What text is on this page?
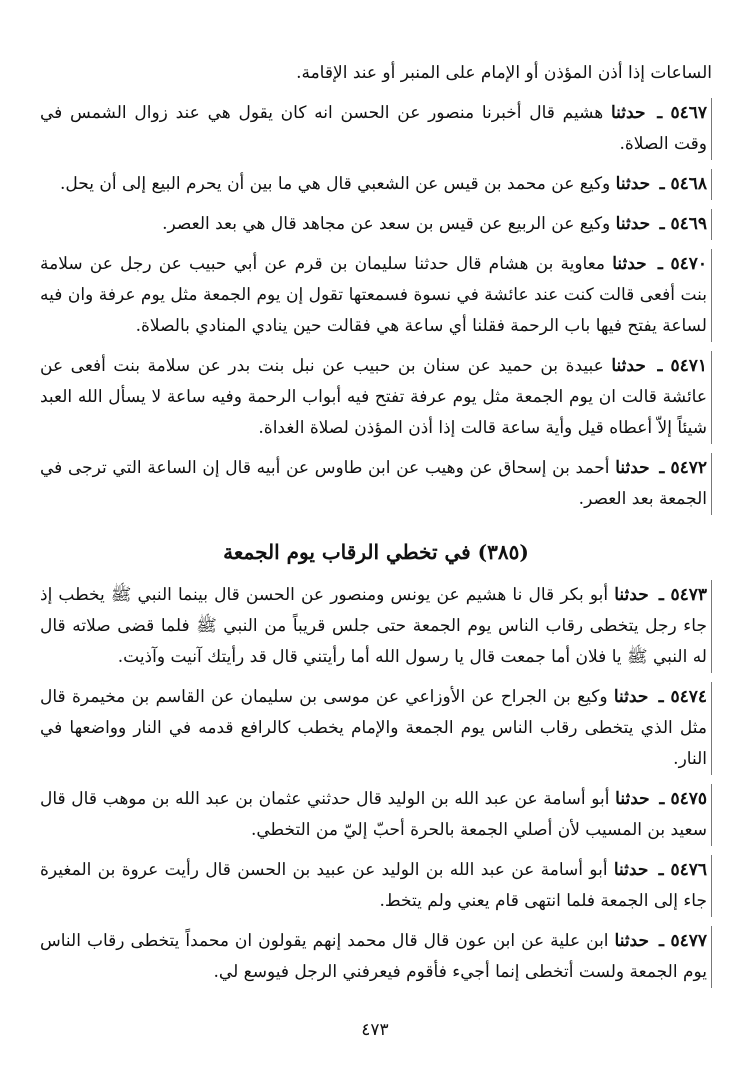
الساعات إذا أذن المؤذن أو الإمام على المنبر أو عند الإقامة.

٥٤٦٧ ـ حدثنا هشيم قال أخبرنا منصور عن الحسن انه كان يقول هي عند زوال الشمس في وقت الصلاة.

٥٤٦٨ ـ حدثنا وكيع عن محمد بن قيس عن الشعبي قال هي ما بين أن يحرم البيع إلى أن يحل.

٥٤٦٩ ـ حدثنا وكيع عن الربيع عن قيس بن سعد عن مجاهد قال هي بعد العصر.

٥٤٧٠ ـ حدثنا معاوية بن هشام قال حدثنا سليمان بن قرم عن أبي حبيب عن رجل عن سلامة بنت أفعى قالت كنت عند عائشة في نسوة فسمعتها تقول إن يوم الجمعة مثل يوم عرفة وان فيه لساعة يفتح فيها باب الرحمة فقلنا أي ساعة هي فقالت حين ينادي المنادي بالصلاة.

٥٤٧١ ـ حدثنا عبيدة بن حميد عن سنان بن حبيب عن نبل بنت بدر عن سلامة بنت أفعى عن عائشة قالت ان يوم الجمعة مثل يوم عرفة تفتح فيه أبواب الرحمة وفيه ساعة لا يسأل الله العبد شيئاً إلاّ أعطاه قيل وأية ساعة قالت إذا أذن المؤذن لصلاة الغداة.

٥٤٧٢ ـ حدثنا أحمد بن إسحاق عن وهيب عن ابن طاوس عن أبيه قال إن الساعة التي ترجى في الجمعة بعد العصر.

(٣٨٥) في تخطي الرقاب يوم الجمعة

٥٤٧٣ ـ حدثنا أبو بكر قال نا هشيم عن يونس ومنصور عن الحسن قال بينما النبي ﷺ يخطب إذ جاء رجل يتخطى رقاب الناس يوم الجمعة حتى جلس قريباً من النبي ﷺ فلما قضى صلاته قال له النبي ﷺ يا فلان أما جمعت قال يا رسول الله أما رأيتني قال قد رأيتك آنيت وآذيت.

٥٤٧٤ ـ حدثنا وكيع بن الجراح عن الأوزاعي عن موسى بن سليمان عن القاسم بن مخيمرة قال مثل الذي يتخطى رقاب الناس يوم الجمعة والإمام يخطب كالرافع قدمه في النار وواضعها في النار.

٥٤٧٥ ـ حدثنا أبو أسامة عن عبد الله بن الوليد قال حدثني عثمان بن عبد الله بن موهب قال قال سعيد بن المسيب لأن أصلي الجمعة بالحرة أحبّ إليّ من التخطي.

٥٤٧٦ ـ حدثنا أبو أسامة عن عبد الله بن الوليد عن عبيد بن الحسن قال رأيت عروة بن المغيرة جاء إلى الجمعة فلما انتهى قام يعني ولم يتخط.

٥٤٧٧ ـ حدثنا ابن علية عن ابن عون قال قال محمد إنهم يقولون ان محمداً يتخطى رقاب الناس يوم الجمعة ولست أتخطى إنما أجيء فأقوم فيعرفني الرجل فيوسع لي.

٤٧٣
